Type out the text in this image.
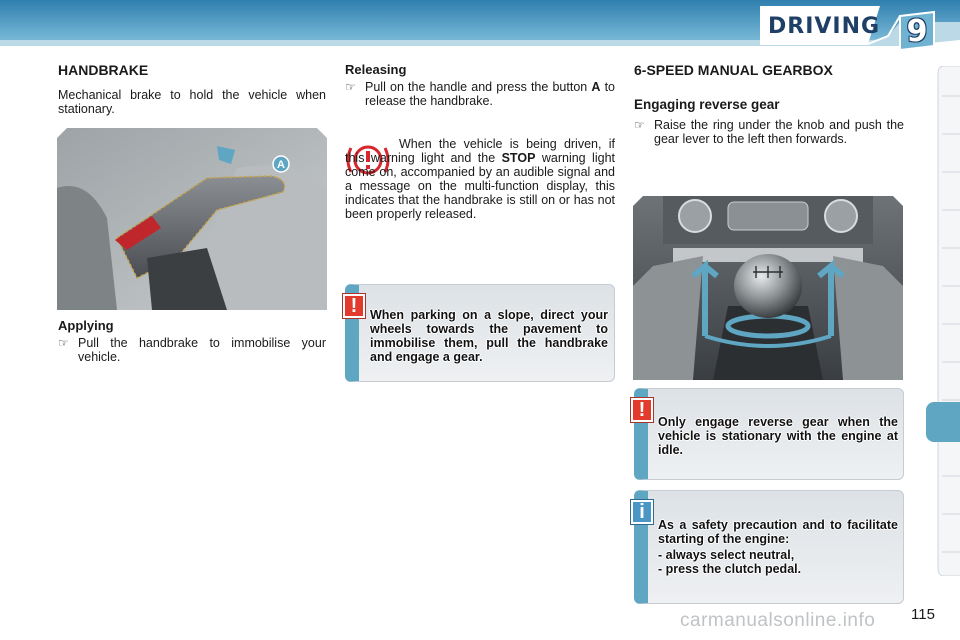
DRIVING 9
HANDBRAKE
Mechanical brake to hold the vehicle when stationary.
A
Applying
☞ Pull the handbrake to immobilise your vehicle.
Releasing
☞ Pull on the handle and press the button A to release the handbrake.
When the vehicle is being driven, if this warning light and the STOP warning light come on, accompanied by an audible signal and a message on the multi-function display, this indicates that the handbrake is still on or has not been properly released.
!	When parking on a slope, direct your wheels towards the pavement to immobilise them, pull the handbrake and engage a gear.
6-SPEED MANUAL GEARBOX
Engaging reverse gear
☞ Raise the ring under the knob and push the gear lever to the left then forwards.
!
Only engage reverse gear when the vehicle is stationary with the engine at idle.
i
As a safety precaution and to facilitate starting of the engine:
- always select neutral,
- press the clutch pedal.
carmanualsonline.info 115
